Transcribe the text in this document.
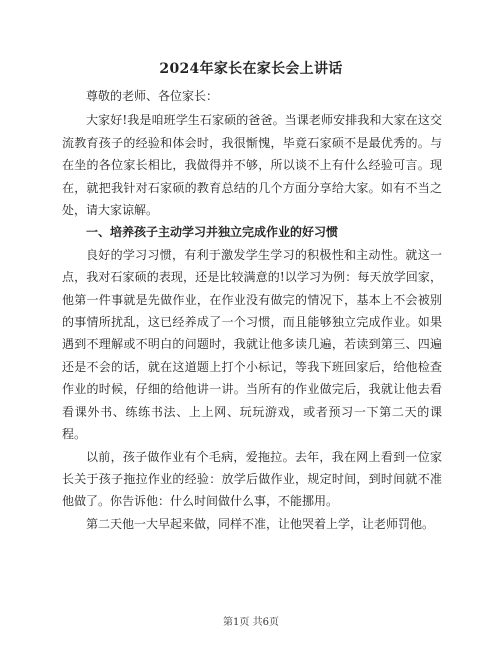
2024年家长在家长会上讲话

尊敬的老师、各位家长：

大家好!我是咱班学生石家硕的爸爸。当课老师安排我和大家在这交流教育孩子的经验和体会时，我很惭愧，毕竟石家硕不是最优秀的。与在坐的各位家长相比，我做得并不够，所以谈不上有什么经验可言。现在，就把我针对石家硕的教育总结的几个方面分享给大家。如有不当之处，请大家谅解。

一、培养孩子主动学习并独立完成作业的好习惯

良好的学习习惯，有利于激发学生学习的积极性和主动性。就这一点，我对石家硕的表现，还是比较满意的!以学习为例：每天放学回家，他第一件事就是先做作业，在作业没有做完的情况下，基本上不会被别的事情所扰乱，这已经养成了一个习惯，而且能够独立完成作业。如果遇到不理解或不明白的问题时，我就让他多读几遍，若读到第三、四遍还是不会的话，就在这道题上打个小标记，等我下班回家后，给他检查作业的时候，仔细的给他讲一讲。当所有的作业做完后，我就让他去看看课外书、练练书法、上上网、玩玩游戏，或者预习一下第二天的课程。

以前，孩子做作业有个毛病，爱拖拉。去年，我在网上看到一位家长关于孩子拖拉作业的经验：放学后做作业，规定时间，到时间就不准他做了。你告诉他：什么时间做什么事，不能挪用。

第二天他一大早起来做，同样不准，让他哭着上学，让老师罚他。

第1页 共6页
